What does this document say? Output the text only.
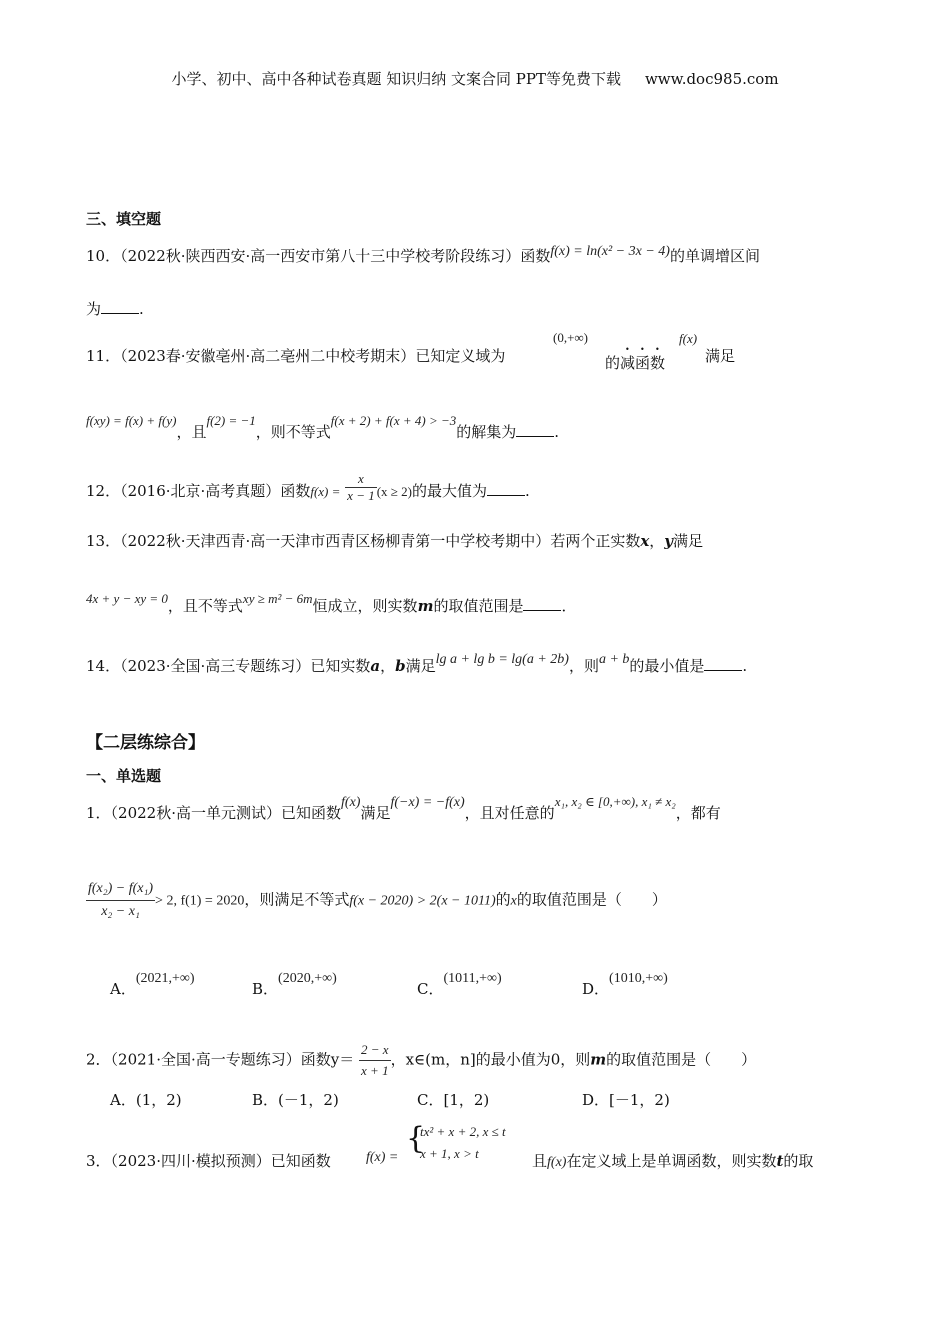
小学、初中、高中各种试卷真题 知识归纳 文案合同 PPT等免费下载 www.doc985.com
三、填空题
10．（2022秋·陕西西安·高一西安市第八十三中学校考阶段练习）函数f(x) = ln(x² − 3x − 4)的单调增区间
为	.
11．（2023春·安徽亳州·高二亳州二中校考期末）已知定义域为
(0,+∞)
的减函数
f(x)
满足
f(xy) = f(x) + f(y)，且f(2) = −1，则不等式f(x + 2) + f(x + 4) > −3的解集为	.
12．（2016·北京·高考真题）函数$f(x) = \frac{x}{x - 1} (x \ge 2)$的最大值为	.
13．（2022秋·天津西青·高一天津市西青区杨柳青第一中学校考期中）若两个正实数x，y满足
4x + y − xy = 0，且不等式xy ≥ m² − 6m恒成立，则实数m的取值范围是	．
14．（2023·全国·高三专题练习）已知实数a，b满足lg a + lg b = lg(a + 2b)，则a + b的最小值是	.
【二层练综合】
一、单选题
1．（2022秋·高一单元测试）已知函数f(x)满足f(−x) = −f(x)，且对任意的x₁, x₂ ∈ [0,+∞), x₁ ≠ x₂，都有
$\frac{\text{f(x₂) − f(x₁)}}{\text{x₂ − x₁}} > 2$, f(1) = 2020，则满足不等式f(x − 2020) > 2(x − 1011)的x的取值范围是（　　）
A．(2021,+∞)
B．(2020,+∞)
C．(1011,+∞)
D．(1010,+∞)
2．（2021·全国·高一专题练习）函数$y= \frac{2 - x}{x + 1}$ ，x∈(m，n]的最小值为0，则m的取值范围是（　　）
A．(1，2)	B．(－1，2)	C．[1，2)	D．[－1，2)
3．（2023·四川·模拟预测）已知函数	f(x) =
{
tx² + x + 2, x ≤ t
x + 1, x > t	且f(x)在定义域上是单调函数，则实数t的取
